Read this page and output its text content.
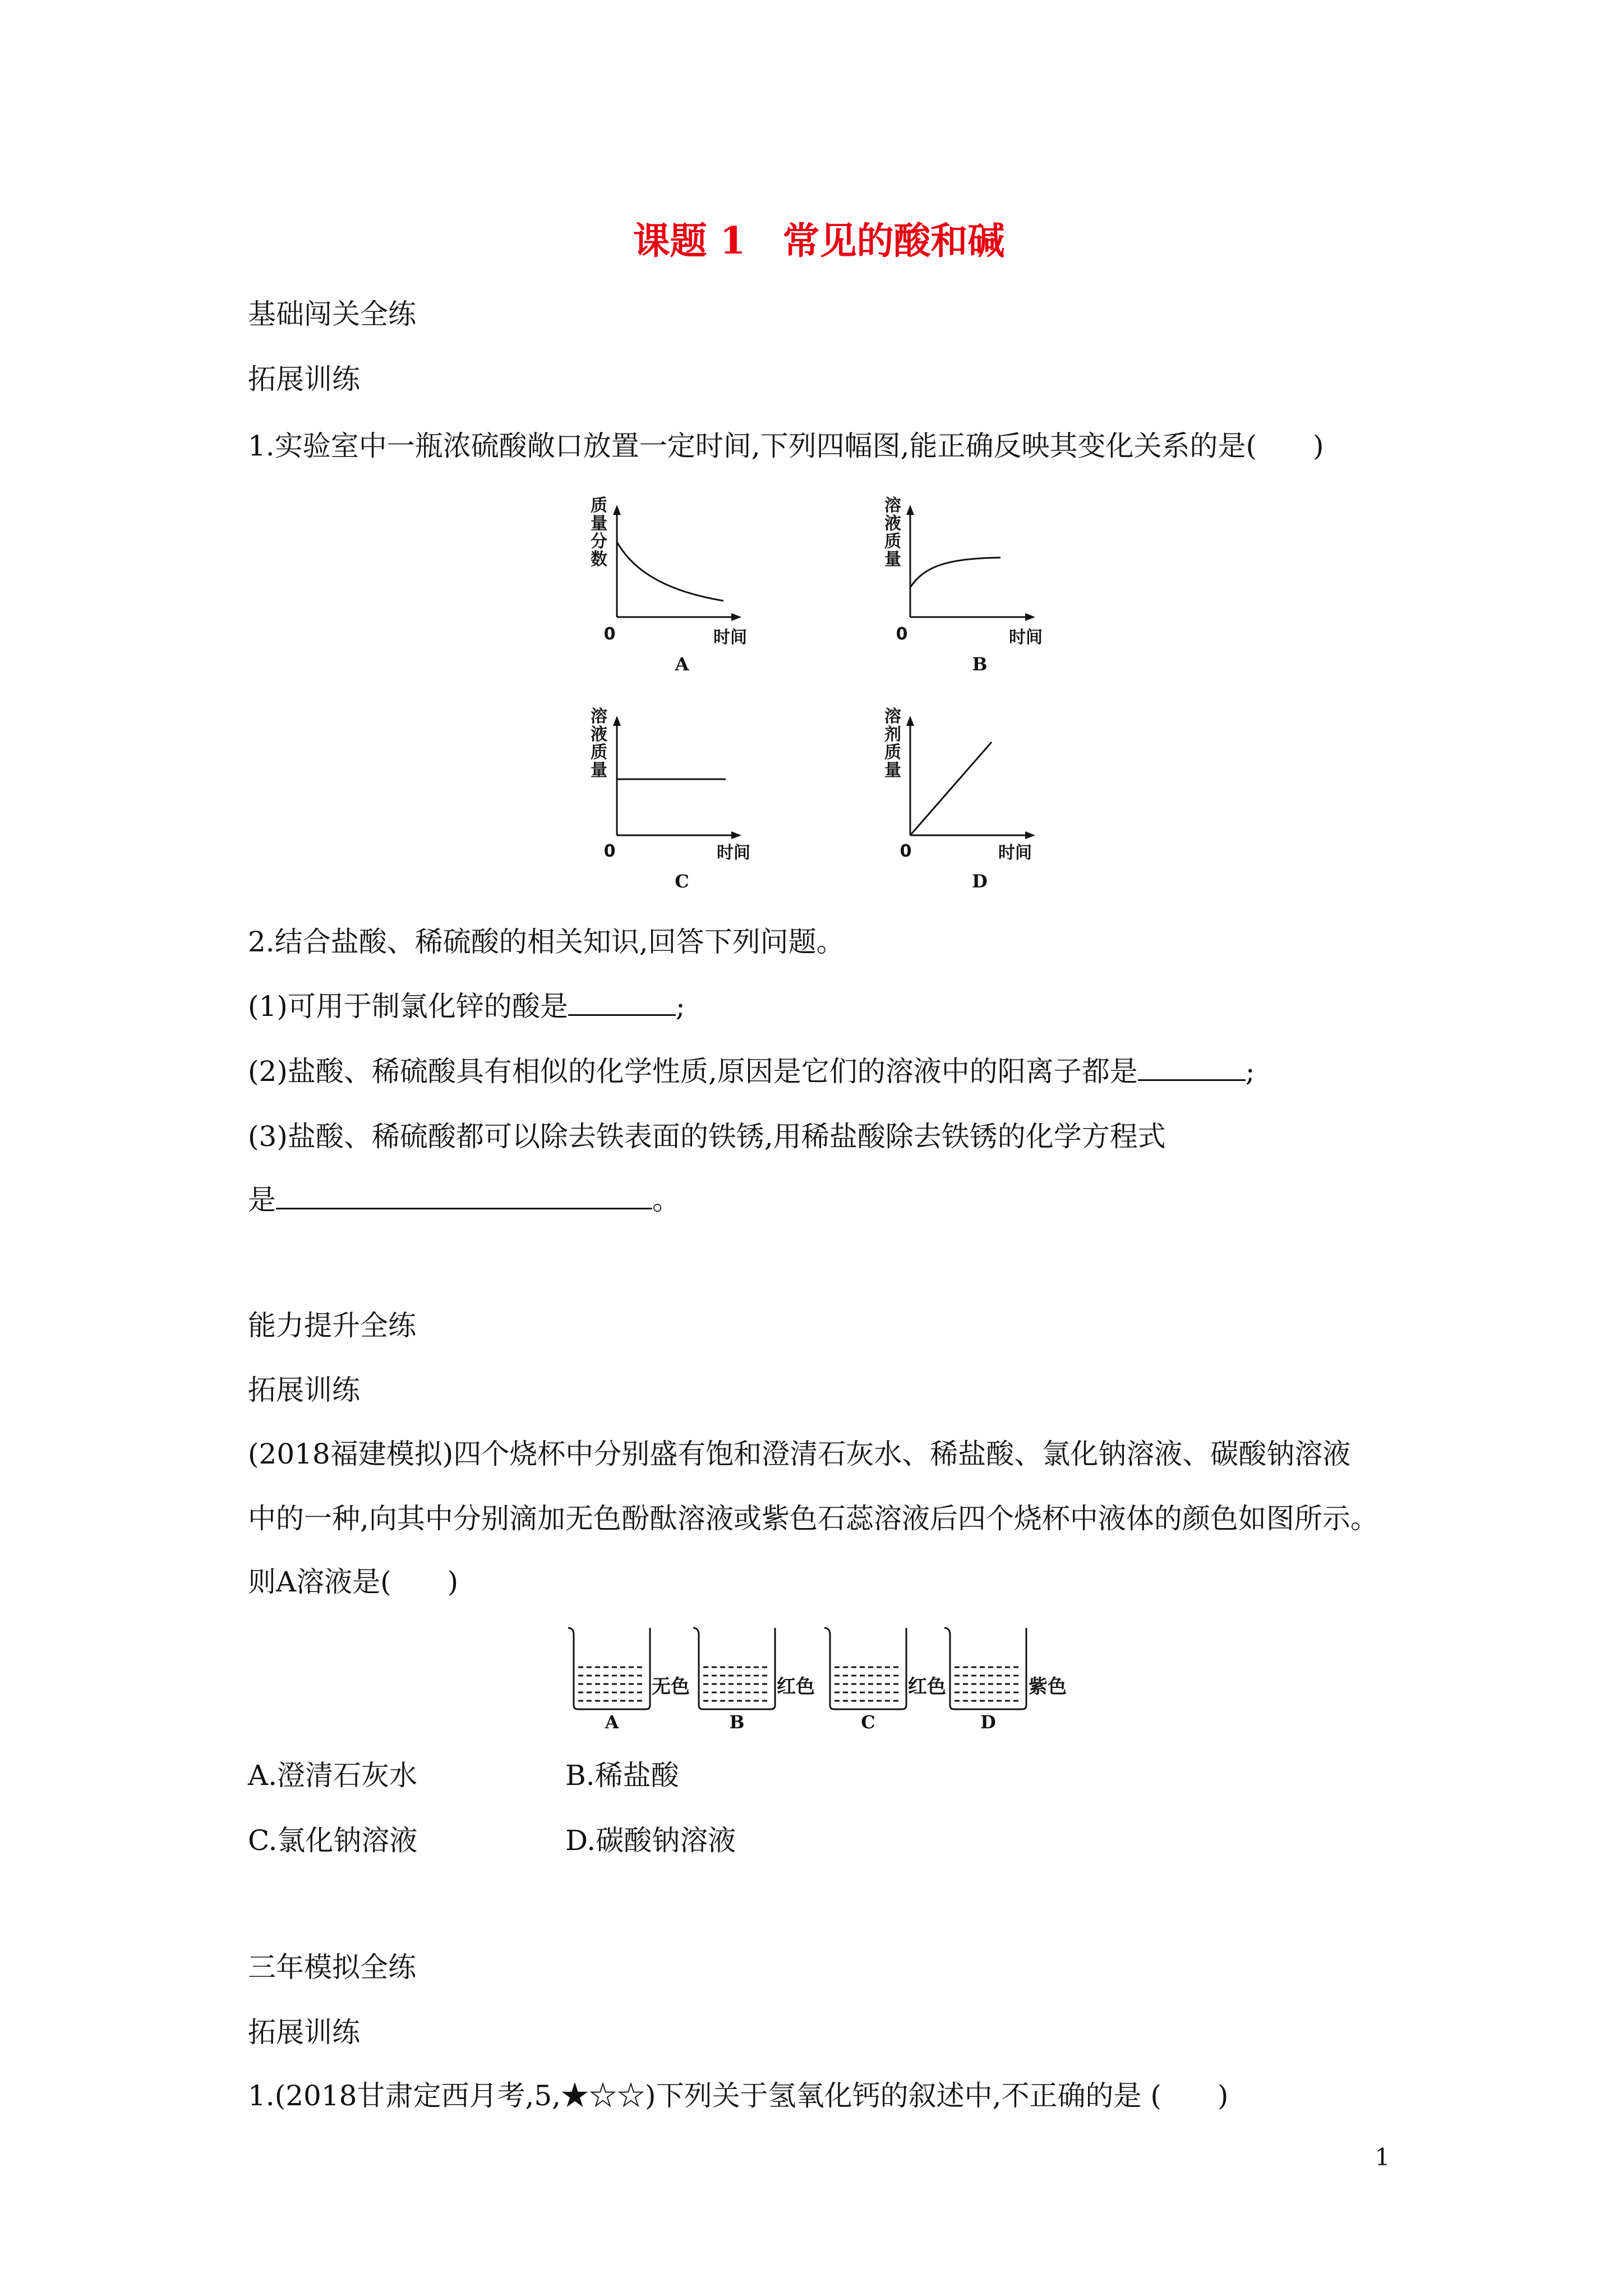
课题 1　常见的酸和碱
基础闯关全练
拓展训练
1.实验室中一瓶浓硫酸敞口放置一定时间,下列四幅图,能正确反映其变化关系的是(　　)
质量分数
0	时间
A
溶液质量
0	时间
B
溶液质量
0	时间
C
溶剂质量
0	时间
D
2.结合盐酸、稀硫酸的相关知识,回答下列问题。
(1)可用于制氯化锌的酸是	;
(2)盐酸、稀硫酸具有相似的化学性质,原因是它们的溶液中的阳离子都是	;
(3)盐酸、稀硫酸都可以除去铁表面的铁锈,用稀盐酸除去铁锈的化学方程式
是	。
能力提升全练
拓展训练
(2018福建模拟)四个烧杯中分别盛有饱和澄清石灰水、稀盐酸、氯化钠溶液、碳酸钠溶液
中的一种,向其中分别滴加无色酚酞溶液或紫色石蕊溶液后四个烧杯中液体的颜色如图所示。
则A溶液是(　　)
无色	红色	红色	紫色
A	B	C	D
A.澄清石灰水	B.稀盐酸
C.氯化钠溶液	D.碳酸钠溶液
三年模拟全练
拓展训练
1.(2018甘肃定西月考,5,★☆☆)下列关于氢氧化钙的叙述中,不正确的是 (　　)
1
